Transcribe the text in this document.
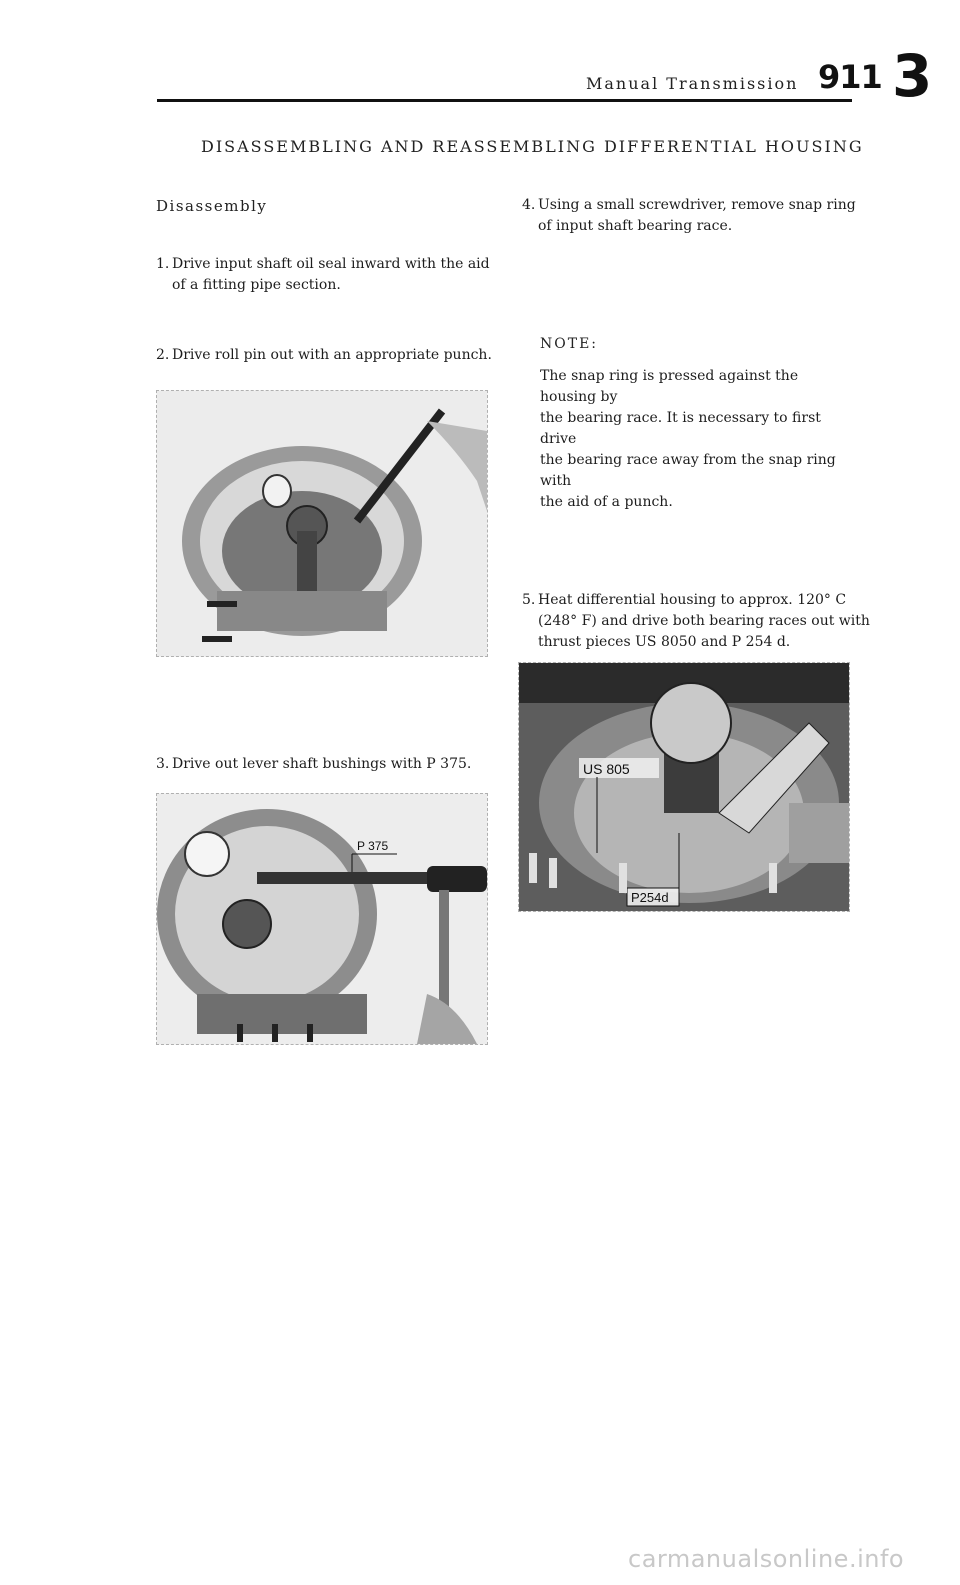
Manual Transmission 911 3
DISASSEMBLING AND REASSEMBLING DIFFERENTIAL HOUSING
Disassembly
1. Drive input shaft oil seal inward with the aid
of a fitting pipe section.
2. Drive roll pin out with an appropriate punch.
3. Drive out lever shaft bushings with P 375.
P 375
4. Using a small screwdriver, remove snap ring
of input shaft bearing race.
NOTE:
The snap ring is pressed against the housing by
the bearing race. It is necessary to first drive
the bearing race away from the snap ring with
the aid of a punch.
5. Heat differential housing to approx. 120° C
(248° F) and drive both bearing races out with
thrust pieces US 8050 and P 254 d.
US 805
P254d
carmanualsonline.info
